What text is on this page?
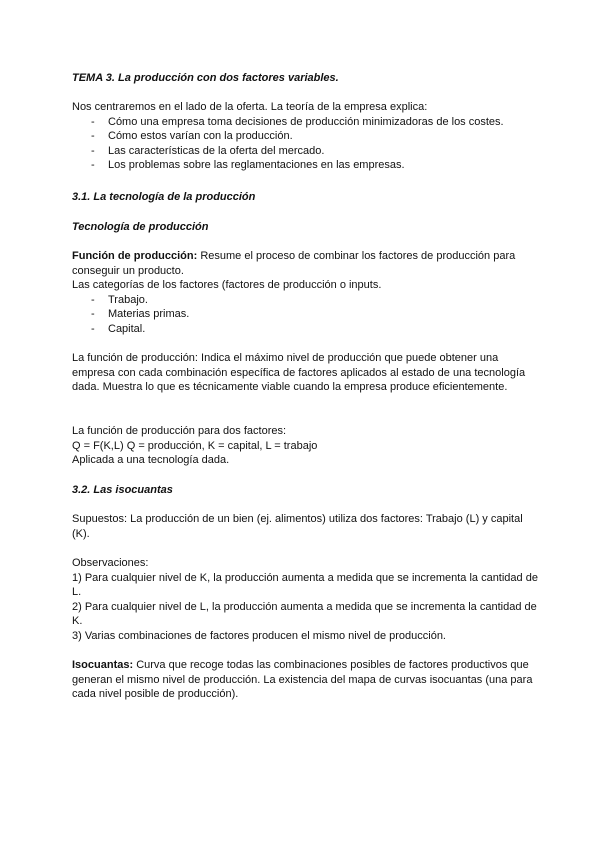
TEMA 3. La producción con dos factores variables.

Nos centraremos en el lado de la oferta. La teoría de la empresa explica:

- Cómo una empresa toma decisiones de producción minimizadoras de los costes.
- Cómo estos varían con la producción.
- Las características de la oferta del mercado.
- Los problemas sobre las reglamentaciones en las empresas.
3.1. La tecnología de la producción
Tecnología de producción

Función de producción: Resume el proceso de combinar los factores de producción para conseguir un producto.

Las categorías de los factores (factores de producción o inputs.

- Trabajo.
- Materias primas.
- Capital.
La función de producción: Indica el máximo nivel de producción que puede obtener una empresa con cada combinación específica de factores aplicados al estado de una tecnología dada. Muestra lo que es técnicamente viable cuando la empresa produce eficientemente.

La función de producción para dos factores:

Q = F(K,L) Q = producción, K = capital, L = trabajo

Aplicada a una tecnología dada.

3.2. Las isocuantas
Supuestos: La producción de un bien (ej. alimentos) utiliza dos factores: Trabajo (L) y capital (K).

Observaciones:

1) Para cualquier nivel de K, la producción aumenta a medida que se incrementa la cantidad de L.

2) Para cualquier nivel de L, la producción aumenta a medida que se incrementa la cantidad de K.

3) Varias combinaciones de factores producen el mismo nivel de producción.

Isocuantas: Curva que recoge todas las combinaciones posibles de factores productivos que generan el mismo nivel de producción. La existencia del mapa de curvas isocuantas (una para cada nivel posible de producción).
